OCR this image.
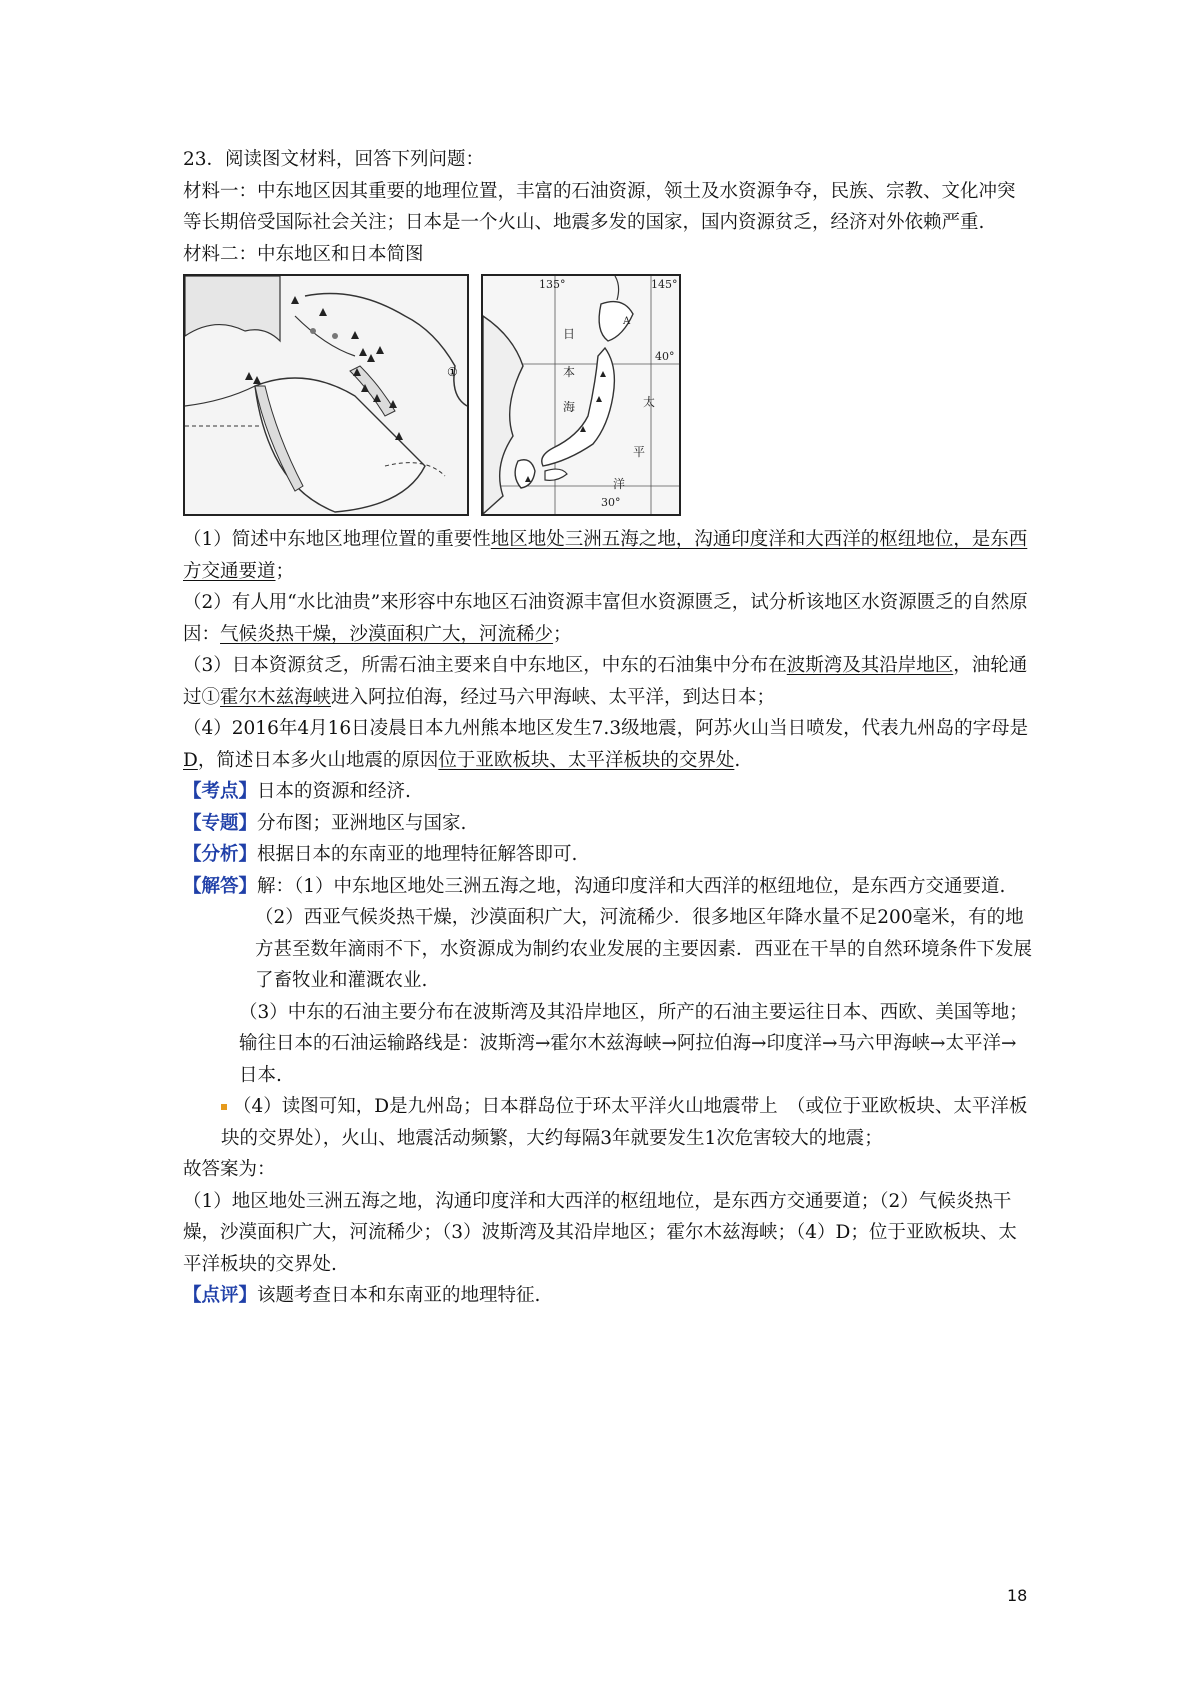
23．阅读图文材料，回答下列问题：

材料一：中东地区因其重要的地理位置，丰富的石油资源，领土及水资源争夺，民族、宗教、文化冲突等长期倍受国际社会关注；日本是一个火山、地震多发的国家，国内资源贫乏，经济对外依赖严重.

材料二：中东地区和日本简图

①
135°	145°
40°
30°
日
本
海	太
平
洋
A

（1）简述中东地区地理位置的重要性地区地处三洲五海之地，沟通印度洋和大西洋的枢纽地位，是东西方交通要道；

（2）有人用“水比油贵”来形容中东地区石油资源丰富但水资源匮乏，试分析该地区水资源匮乏的自然原因：气候炎热干燥，沙漠面积广大，河流稀少；

（3）日本资源贫乏，所需石油主要来自中东地区，中东的石油集中分布在波斯湾及其沿岸地区，油轮通过①霍尔木兹海峡进入阿拉伯海，经过马六甲海峡、太平洋，到达日本；

（4）2016年4月16日凌晨日本九州熊本地区发生7.3级地震，阿苏火山当日喷发，代表九州岛的字母是D，简述日本多火山地震的原因位于亚欧板块、太平洋板块的交界处.

【考点】日本的资源和经济.

【专题】分布图；亚洲地区与国家.

【分析】根据日本的东南亚的地理特征解答即可.

【解答】解：（1）中东地区地处三洲五海之地，沟通印度洋和大西洋的枢纽地位，是东西方交通要道.

（2）西亚气候炎热干燥，沙漠面积广大，河流稀少．很多地区年降水量不足200毫米，有的地方甚至数年滴雨不下，水资源成为制约农业发展的主要因素．西亚在干旱的自然环境条件下发展了畜牧业和灌溉农业.

（3）中东的石油主要分布在波斯湾及其沿岸地区，所产的石油主要运往日本、西欧、美国等地；输往日本的石油运输路线是：波斯湾→霍尔木兹海峡→阿拉伯海→印度洋→马六甲海峡→太平洋→日本.

（4）读图可知，D是九州岛；日本群岛位于环太平洋火山地震带上　（或位于亚欧板块、太平洋板块的交界处），火山、地震活动频繁，大约每隔3年就要发生1次危害较大的地震；

故答案为：

（1）地区地处三洲五海之地，沟通印度洋和大西洋的枢纽地位，是东西方交通要道；（2）气候炎热干燥，沙漠面积广大，河流稀少；（3）波斯湾及其沿岸地区；霍尔木兹海峡；（4）D；位于亚欧板块、太平洋板块的交界处.

【点评】该题考查日本和东南亚的地理特征.

18
